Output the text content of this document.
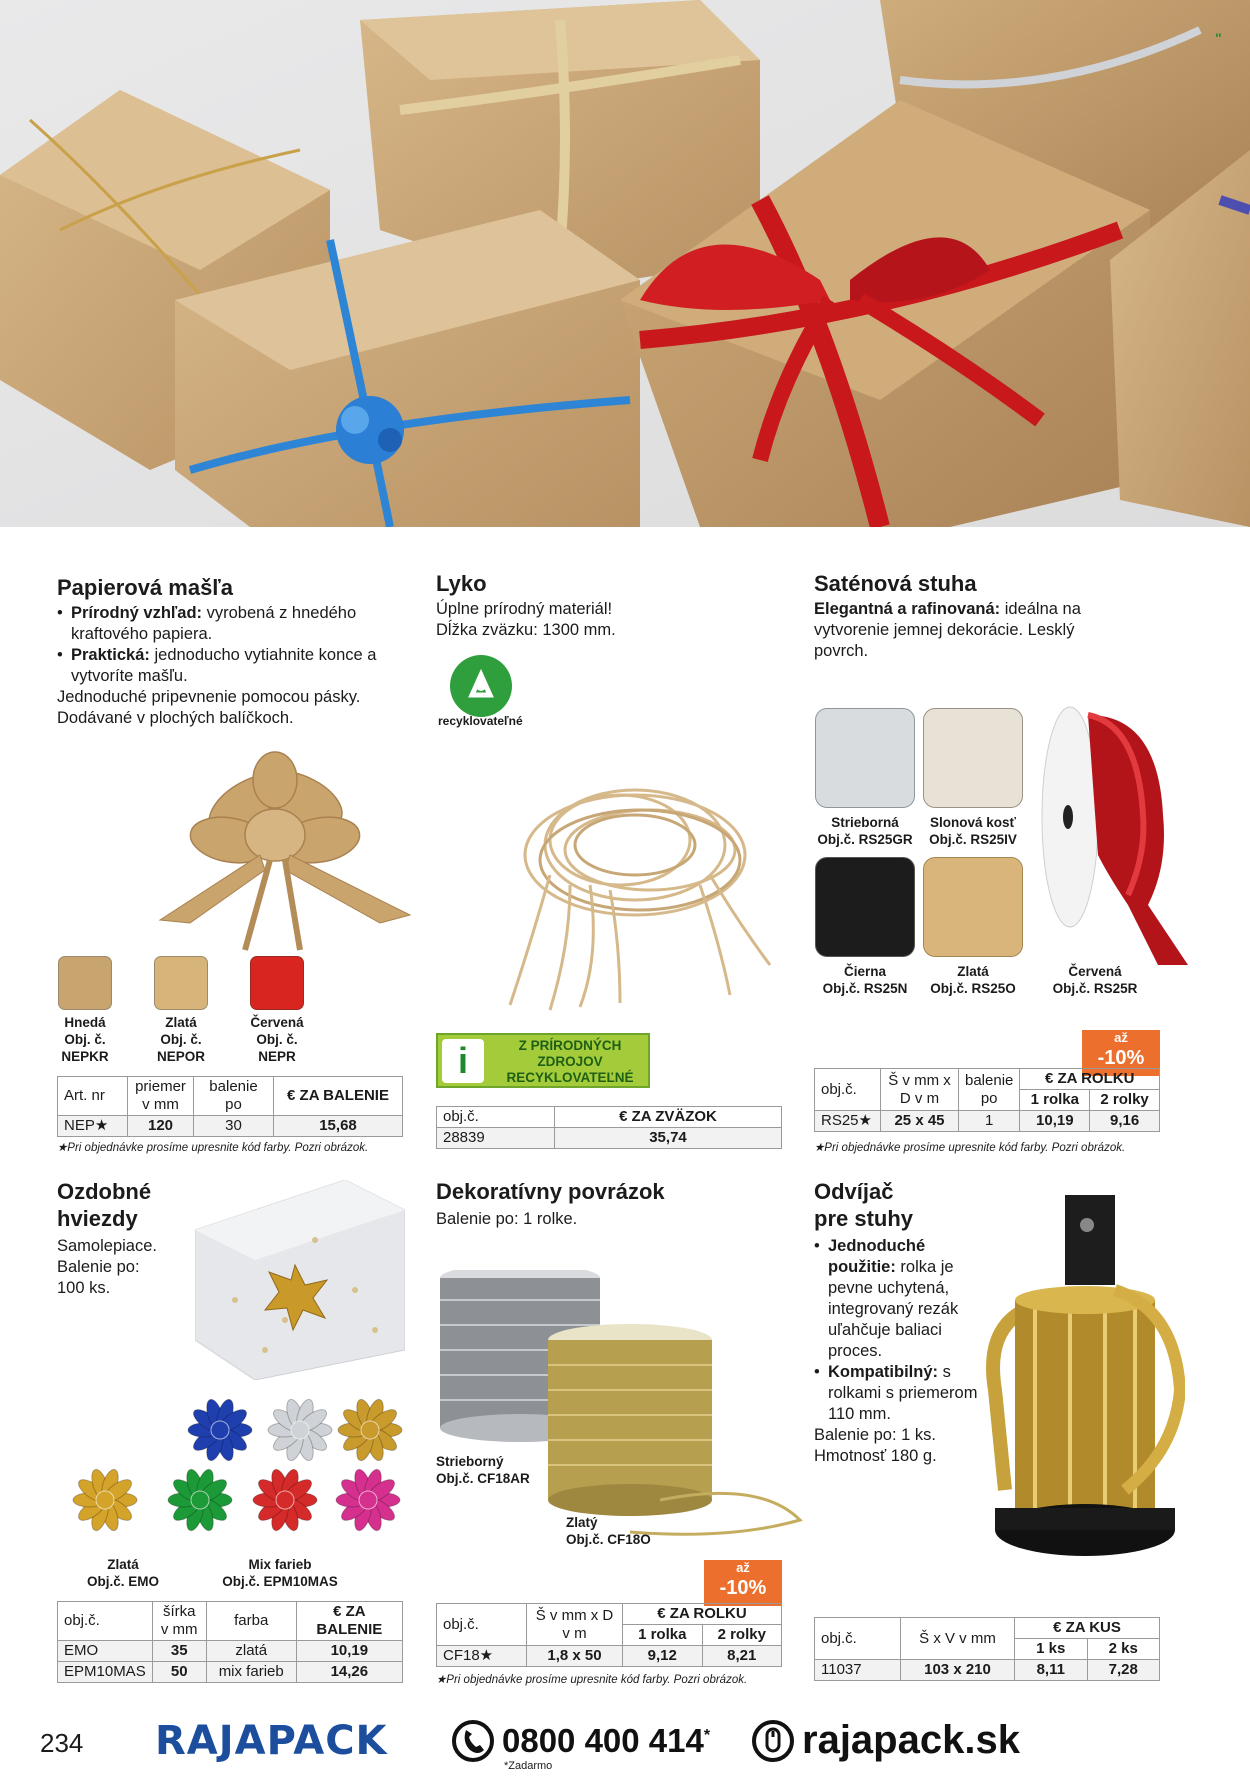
"
Papierová mašľa
• Prírodný vzhľad: vyrobená z hnedého kraftového papiera.
• Praktická: jednoducho vytiahnite konce a vytvoríte mašľu.
Jednoduché pripevnenie pomocou pásky.
Dodávané v plochých balíčkoch.
Hnedá
Obj. č.
NEPKR
Zlatá
Obj. č.
NEPOR
Červená
Obj. č.
NEPR
Art. nr	priemer v mm	balenie po	€ ZA BALENIE
NEP★	120	30	15,68
★Pri objednávke prosíme upresnite kód farby. Pozri obrázok.
Lyko
Úplne prírodný materiál!
Dĺžka zväzku: 1300 mm.
recyklovateľné
i	Z PRÍRODNÝCH
ZDROJOV
RECYKLOVATEĽNÉ
obj.č.	€ ZA ZVÄZOK
28839	35,74
Saténová stuha
Elegantná a rafinovaná: ideálna na vytvorenie jemnej dekorácie. Lesklý povrch.
Strieborná
Obj.č. RS25GR
Slonová kosť
Obj.č. RS25IV
Čierna
Obj.č. RS25N
Zlatá
Obj.č. RS25O
Červená
Obj.č. RS25R
až
-10%
obj.č.	Š v mm x D v m	balenie po	€ ZA ROLKU	
			1 rolka	2 rolky
RS25★	25 x 45	1	10,19	9,16
★Pri objednávke prosíme upresnite kód farby. Pozri obrázok.
Ozdobné
hviezdy
Samolepiace.
Balenie po:
100 ks.
Zlatá
Obj.č. EMO
Mix farieb
Obj.č. EPM10MAS
obj.č.	šírka v mm	farba	€ ZA BALENIE
EMO	35	zlatá	10,19
EPM10MAS	50	mix farieb	14,26
Dekoratívny povrázok
Balenie po: 1 rolke.
Strieborný
Obj.č. CF18AR
Zlatý
Obj.č. CF18O
až
-10%
obj.č.	Š v mm x D v m	€ ZA ROLKU	
		1 rolka	2 rolky
CF18★	1,8 x 50	9,12	8,21
★Pri objednávke prosíme upresnite kód farby. Pozri obrázok.
Odvíjač
pre stuhy
• Jednoduché použitie: rolka je pevne uchytená, integrovaný rezák uľahčuje baliaci proces.
• Kompatibilný: s rolkami s priemerom 110 mm.
Balenie po: 1 ks.
Hmotnosť 180 g.
obj.č.	Š x V v mm	€ ZA KUS	
		1 ks	2 ks
11037	103 x 210	8,11	7,28
234 RAJAPACK	0800 400 414*
*Zadarmo
rajapack.sk
